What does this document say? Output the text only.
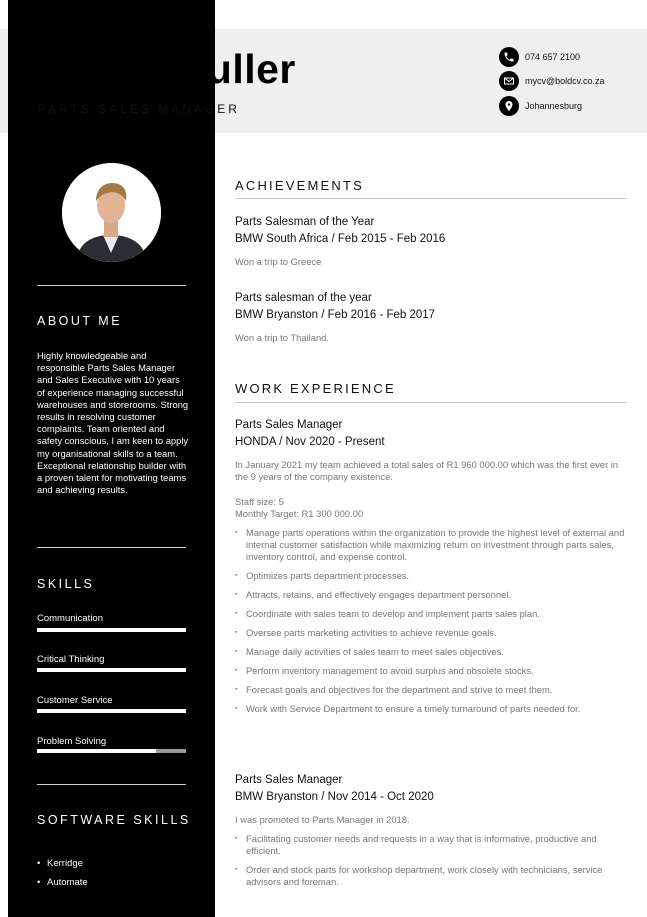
Johan Muller
PARTS SALES MANAGER
074 657 2100
mycv@boldcv.co.za
Johannesburg
ABOUT ME
Highly knowledgeable and responsible Parts Sales Manager and Sales Executive with 10 years of experience managing successful warehouses and storerooms. Strong results in resolving customer complaints. Team oriented and safety conscious, I am keen to apply my organisational skills to a team. Exceptional relationship builder with a proven talent for motivating teams and achieving results.
SKILLS
Communication
Critical Thinking
Customer Service
Problem Solving
SOFTWARE SKILLS
• Kerridge
• Automate
ACHIEVEMENTS
Parts Salesman of the Year
BMW South Africa / Feb 2015 - Feb 2016
Won a trip to Greece
Parts salesman of the year
BMW Bryanston / Feb 2016 - Feb 2017
Won a trip to Thailand.
WORK EXPERIENCE
Parts Sales Manager
HONDA / Nov 2020 - Present
In January 2021 my team achieved a total sales of R1 960 000.00 which was the first ever in the 9 years of the company existence.
Staff size: 5
Monthly Target: R1 300 000.00
▪ Manage parts operations within the organization to provide the highest level of external and internal customer satisfaction while maximizing return on investment through parts sales, inventory control, and expense control.
▪ Optimizes parts department processes.
▪ Attracts, retains, and effectively engages department personnel.
▪ Coordinate with sales team to develop and implement parts sales plan.
▪ Oversee parts marketing activities to achieve revenue goals.
▪ Manage daily activities of sales team to meet sales objectives.
▪ Perform inventory management to avoid surplus and obsolete stocks.
▪ Forecast goals and objectives for the department and strive to meet them.
▪ Work with Service Department to ensure a timely turnaround of parts needed for.
Parts Sales Manager
BMW Bryanston / Nov 2014 - Oct 2020
I was promoted to Parts Manager in 2018.
▪ Facilitating customer needs and requests in a way that is informative, productive and efficient.
▪ Order and stock parts for workshop department, work closely with technicians, service advisors and foreman.
